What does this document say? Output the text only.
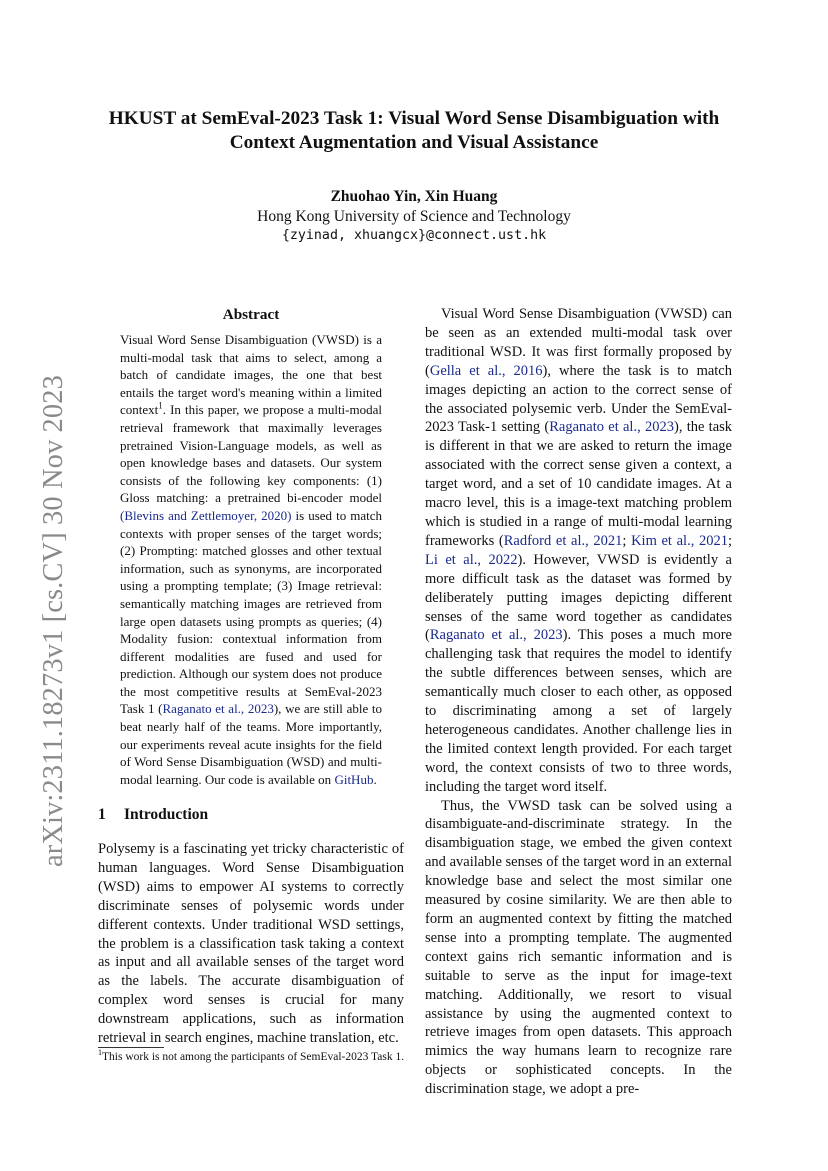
arXiv:2311.18273v1 [cs.CV] 30 Nov 2023
HKUST at SemEval-2023 Task 1: Visual Word Sense Disambiguation with
Context Augmentation and Visual Assistance
Zhuohao Yin, Xin Huang
Hong Kong University of Science and Technology
{zyinad, xhuangcx}@connect.ust.hk
Abstract

Visual Word Sense Disambiguation (VWSD) is a multi-modal task that aims to select, among a batch of candidate images, the one that best entails the target word's meaning within a limited context$^1$. In this paper, we propose a multi-modal retrieval framework that maximally leverages pretrained Vision-Language models, as well as open knowledge bases and datasets. Our system consists of the following key components: (1) Gloss matching: a pretrained bi-encoder model (Blevins and Zettlemoyer, 2020) is used to match contexts with proper senses of the target words; (2) Prompting: matched glosses and other textual information, such as synonyms, are incorporated using a prompting template; (3) Image retrieval: semantically matching images are retrieved from large open datasets using prompts as queries; (4) Modality fusion: contextual information from different modalities are fused and used for prediction. Although our system does not produce the most competitive results at SemEval-2023 Task 1 (Raganato et al., 2023), we are still able to beat nearly half of the teams. More importantly, our experiments reveal acute insights for the field of Word Sense Disambiguation (WSD) and multi-modal learning. Our code is available on GitHub.

1 Introduction

Polysemy is a fascinating yet tricky characteristic of human languages. Word Sense Disambiguation (WSD) aims to empower AI systems to correctly discriminate senses of polysemic words under different contexts. Under traditional WSD settings, the problem is a classification task taking a context as input and all available senses of the target word as the labels. The accurate disambiguation of complex word senses is crucial for many downstream applications, such as information retrieval in search engines, machine translation, etc.

$^1$This work is not among the participants of SemEval-2023 Task 1.

Visual Word Sense Disambiguation (VWSD) can be seen as an extended multi-modal task over traditional WSD. It was first formally proposed by (Gella et al., 2016), where the task is to match images depicting an action to the correct sense of the associated polysemic verb. Under the SemEval-2023 Task-1 setting (Raganato et al., 2023), the task is different in that we are asked to return the image associated with the correct sense given a context, a target word, and a set of 10 candidate images. At a macro level, this is a image-text matching problem which is studied in a range of multi-modal learning frameworks (Radford et al., 2021; Kim et al., 2021; Li et al., 2022). However, VWSD is evidently a more difficult task as the dataset was formed by deliberately putting images depicting different senses of the same word together as candidates (Raganato et al., 2023). This poses a much more challenging task that requires the model to identify the subtle differences between senses, which are semantically much closer to each other, as opposed to discriminating among a set of largely heterogeneous candidates. Another challenge lies in the limited context length provided. For each target word, the context consists of two to three words, including the target word itself.

Thus, the VWSD task can be solved using a disambiguate-and-discriminate strategy. In the disambiguation stage, we embed the given context and available senses of the target word in an external knowledge base and select the most similar one measured by cosine similarity. We are then able to form an augmented context by fitting the matched sense into a prompting template. The augmented context gains rich semantic information and is suitable to serve as the input for image-text matching. Additionally, we resort to visual assistance by using the augmented context to retrieve images from open datasets. This approach mimics the way humans learn to recognize rare objects or sophisticated concepts. In the discrimination stage, we adopt a pre-
